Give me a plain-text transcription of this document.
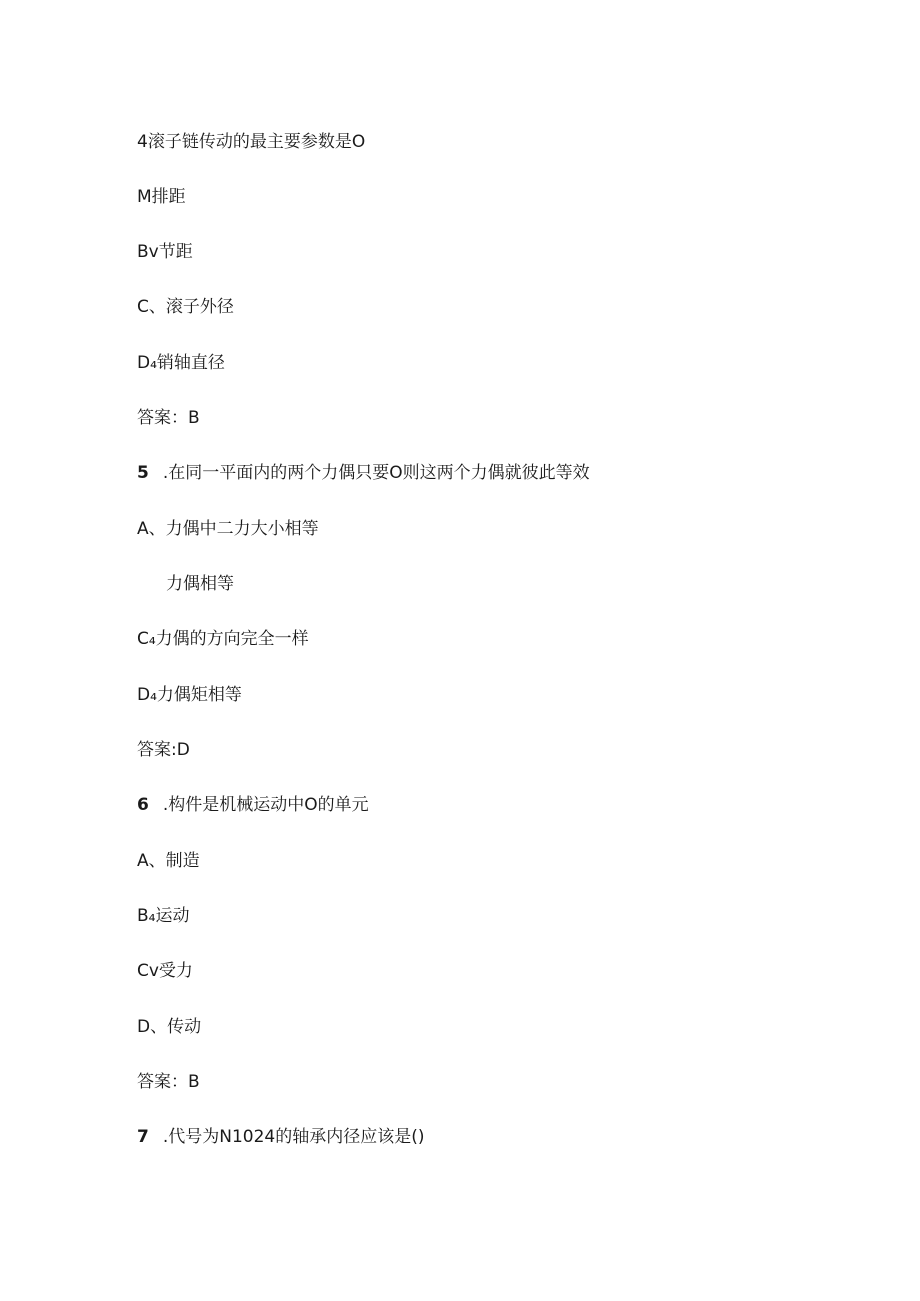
4滚子链传动的最主要参数是O
M排距
Bv节距
C、滚子外径
D₄销轴直径
答案：B
5 .在同一平面内的两个力偶只要O则这两个力偶就彼此等效
A、力偶中二力大小相等
力偶相等
C₄力偶的方向完全一样
D₄力偶矩相等
答案:D
6 .构件是机械运动中O的单元
A、制造
B₄运动
Cv受力
D、传动
答案：B
7 .代号为N1024的轴承内径应该是()
